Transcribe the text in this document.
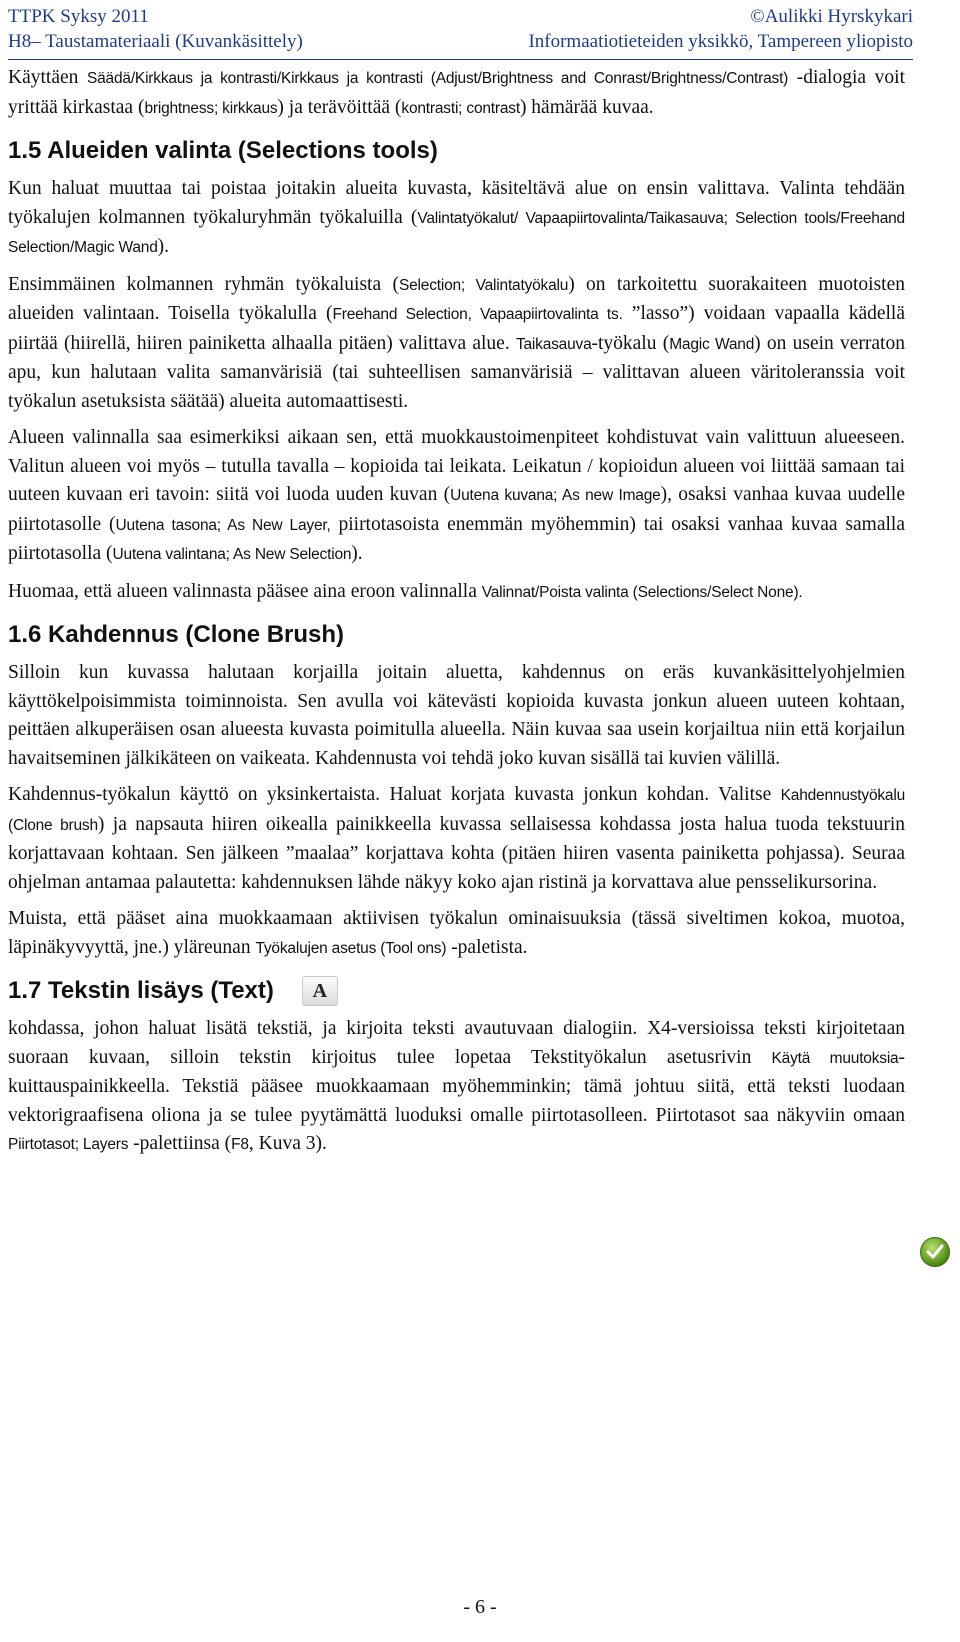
TTPK Syksy 2011	©Aulikki Hyrskykari
H8– Taustamateriaali (Kuvankäsittely)	Informaatiotieteiden yksikkö, Tampereen yliopisto

Käyttäen Säädä/Kirkkaus ja kontrasti/Kirkkaus ja kontrasti (Adjust/Brightness and Conrast/Brightness/Contrast) -dialogia voit yrittää kirkastaa (brightness; kirkkaus) ja terävöittää (kontrasti; contrast) hämärää kuvaa.

1.5 Alueiden valinta (Selections tools)

Kun haluat muuttaa tai poistaa joitakin alueita kuvasta, käsiteltävä alue on ensin valittava. Valinta tehdään työkalujen kolmannen työkaluryhmän työkaluilla (Valintatyökalut/ Vapaapiirtovalinta/Taikasauva; Selection tools/Freehand Selection/Magic Wand).

Ensimmäinen kolmannen ryhmän työkaluista (Selection; Valintatyökalu) on tarkoitettu suorakaiteen muotoisten alueiden valintaan. Toisella työkalulla (Freehand Selection, Vapaapiirtovalinta ts. ”lasso”) voidaan vapaalla kädellä piirtää (hiirellä, hiiren painiketta alhaalla pitäen) valittava alue. Taikasauva-työkalu (Magic Wand) on usein verraton apu, kun halutaan valita samanvärisiä (tai suhteellisen samanvärisiä – valittavan alueen väritoleranssia voit työkalun asetuksista säätää) alueita automaattisesti.

Alueen valinnalla saa esimerkiksi aikaan sen, että muokkaustoimenpiteet kohdistuvat vain valittuun alueeseen. Valitun alueen voi myös – tutulla tavalla – kopioida tai leikata. Leikatun / kopioidun alueen voi liittää samaan tai uuteen kuvaan eri tavoin: siitä voi luoda uuden kuvan (Uutena kuvana; As new Image), osaksi vanhaa kuvaa uudelle piirtotasolle (Uutena tasona; As New Layer, piirtotasoista enemmän myöhemmin) tai osaksi vanhaa kuvaa samalla piirtotasolla (Uutena valintana; As New Selection).

Huomaa, että alueen valinnasta pääsee aina eroon valinnalla Valinnat/Poista valinta (Selections/Select None).

1.6 Kahdennus (Clone Brush)

Silloin kun kuvassa halutaan korjailla joitain aluetta, kahdennus on eräs kuvankäsittelyohjelmien käyttökelpoisimmista toiminnoista. Sen avulla voi kätevästi kopioida kuvasta jonkun alueen uuteen kohtaan, peittäen alkuperäisen osan alueesta kuvasta poimitulla alueella. Näin kuvaa saa usein korjailtua niin että korjailun havaitseminen jälkikäteen on vaikeata. Kahdennusta voi tehdä joko kuvan sisällä tai kuvien välillä.

Kahdennus-työkalun käyttö on yksinkertaista. Haluat korjata kuvasta jonkun kohdan. Valitse Kahdennustyökalu (Clone brush) ja napsauta hiiren oikealla painikkeella kuvassa sellaisessa kohdassa josta halua tuoda tekstuurin korjattavaan kohtaan. Sen jälkeen ”maalaa” korjattava kohta (pitäen hiiren vasenta painiketta pohjassa). Seuraa ohjelman antamaa palautetta: kahdennuksen lähde näkyy koko ajan ristinä ja korvattava alue pensselikursorina.

Muista, että pääset aina muokkaamaan aktiivisen työkalun ominaisuuksia (tässä siveltimen kokoa, muotoa, läpinäkyvyyttä, jne.) yläreunan Työkalujen asetus (Tool ons) -paletista.

1.7 Tekstin lisäys (Text)	A

kohdassa, johon haluat lisätä tekstiä, ja kirjoita teksti avautuvaan dialogiin. X4-versioissa teksti kirjoitetaan suoraan kuvaan, silloin tekstin kirjoitus tulee lopetaa Tekstityökalun asetusrivin Käytä muutoksia-kuittauspainikkeella. Tekstiä pääsee muokkaamaan myöhemminkin; tämä johtuu siitä, että teksti luodaan vektorigraafisena oliona ja se tulee pyytämättä luoduksi omalle piirtotasolleen. Piirtotasot saa näkyviin omaan Piirtotasot; Layers -palettiinsa (F8, Kuva 3).

- 6 -
